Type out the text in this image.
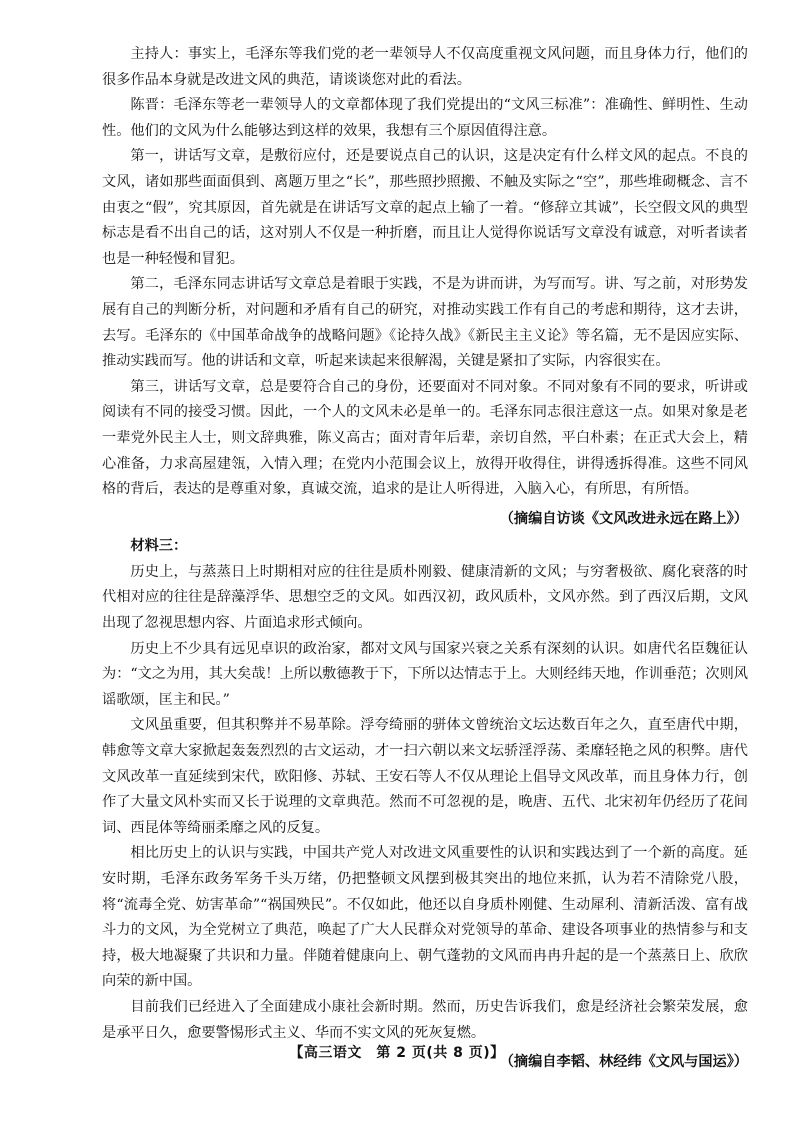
主持人：事实上，毛泽东等我们党的老一辈领导人不仅高度重视文风问题，而且身体力行，他们的很多作品本身就是改进文风的典范，请谈谈您对此的看法。

陈晋：毛泽东等老一辈领导人的文章都体现了我们党提出的“文风三标准”：准确性、鲜明性、生动性。他们的文风为什么能够达到这样的效果，我想有三个原因值得注意。

第一，讲话写文章，是敷衍应付，还是要说点自己的认识，这是决定有什么样文风的起点。不良的文风，诸如那些面面俱到、离题万里之“长”，那些照抄照搬、不触及实际之“空”，那些堆砌概念、言不由衷之“假”，究其原因，首先就是在讲话写文章的起点上输了一着。“修辞立其诚”，长空假文风的典型标志是看不出自己的话，这对别人不仅是一种折磨，而且让人觉得你说话写文章没有诚意，对听者读者也是一种轻慢和冒犯。

第二，毛泽东同志讲话写文章总是着眼于实践，不是为讲而讲，为写而写。讲、写之前，对形势发展有自己的判断分析，对问题和矛盾有自己的研究，对推动实践工作有自己的考虑和期待，这才去讲，去写。毛泽东的《中国革命战争的战略问题》《论持久战》《新民主主义论》等名篇，无不是因应实际、推动实践而写。他的讲话和文章，听起来读起来很解渴，关键是紧扣了实际，内容很实在。

第三，讲话写文章，总是要符合自己的身份，还要面对不同对象。不同对象有不同的要求，听讲或阅读有不同的接受习惯。因此，一个人的文风未必是单一的。毛泽东同志很注意这一点。如果对象是老一辈党外民主人士，则文辞典雅，陈义高古；面对青年后辈，亲切自然，平白朴素；在正式大会上，精心准备，力求高屋建瓴，入情入理；在党内小范围会议上，放得开收得住，讲得透拆得准。这些不同风格的背后，表达的是尊重对象，真诚交流，追求的是让人听得进，入脑入心，有所思，有所悟。

（摘编自访谈《文风改进永远在路上》）

材料三：

历史上，与蒸蒸日上时期相对应的往往是质朴刚毅、健康清新的文风；与穷奢极欲、腐化衰落的时代相对应的往往是辞藻浮华、思想空乏的文风。如西汉初，政风质朴，文风亦然。到了西汉后期，文风出现了忽视思想内容、片面追求形式倾向。

历史上不少具有远见卓识的政治家，都对文风与国家兴衰之关系有深刻的认识。如唐代名臣魏征认为：“文之为用，其大矣哉！上所以敷德教于下，下所以达情志于上。大则经纬天地，作训垂范；次则风谣歌颂，匡主和民。”

文风虽重要，但其积弊并不易革除。浮夸绮丽的骈体文曾统治文坛达数百年之久，直至唐代中期，韩愈等文章大家掀起轰轰烈烈的古文运动，才一扫六朝以来文坛骄淫浮荡、柔靡轻艳之风的积弊。唐代文风改革一直延续到宋代，欧阳修、苏轼、王安石等人不仅从理论上倡导文风改革，而且身体力行，创作了大量文风朴实而又长于说理的文章典范。然而不可忽视的是，晚唐、五代、北宋初年仍经历了花间词、西昆体等绮丽柔靡之风的反复。

相比历史上的认识与实践，中国共产党人对改进文风重要性的认识和实践达到了一个新的高度。延安时期，毛泽东政务军务千头万绪，仍把整顿文风摆到极其突出的地位来抓，认为若不清除党八股，将“流毒全党、妨害革命”“祸国殃民”。不仅如此，他还以自身质朴刚健、生动犀利、清新活泼、富有战斗力的文风，为全党树立了典范，唤起了广大人民群众对党领导的革命、建设各项事业的热情参与和支持，极大地凝聚了共识和力量。伴随着健康向上、朝气蓬勃的文风而冉冉升起的是一个蒸蒸日上、欣欣向荣的新中国。

目前我们已经进入了全面建成小康社会新时期。然而，历史告诉我们，愈是经济社会繁荣发展，愈是承平日久，愈要警惕形式主义、华而不实文风的死灰复燃。

（摘编自李韬、林经纬《文风与国运》）

【高三语文　第 2 页(共 8 页)】
